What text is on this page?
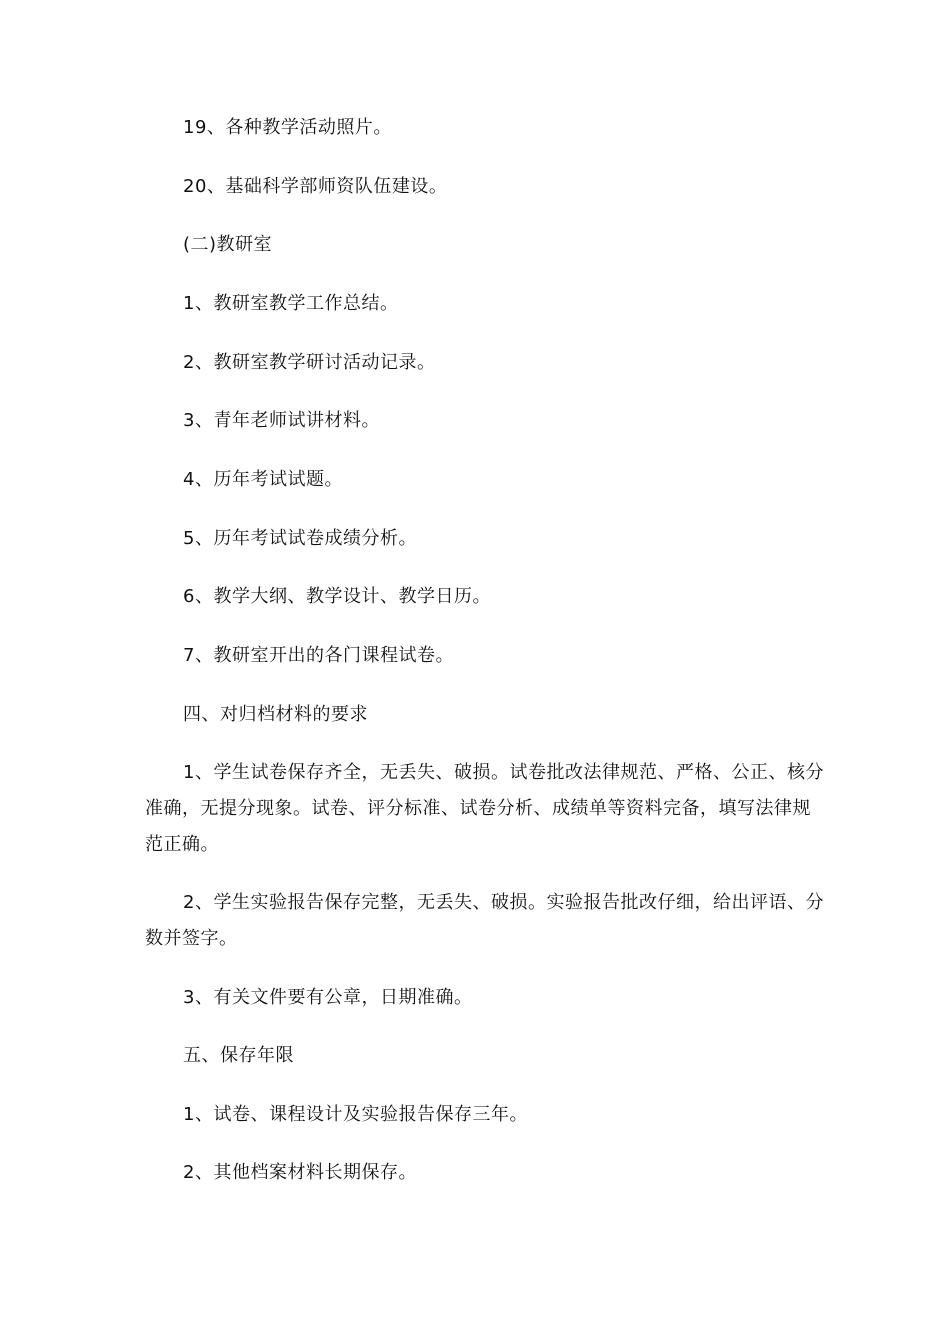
19、各种教学活动照片。
20、基础科学部师资队伍建设。
(二)教研室
1、教研室教学工作总结。
2、教研室教学研讨活动记录。
3、青年老师试讲材料。
4、历年考试试题。
5、历年考试试卷成绩分析。
6、教学大纲、教学设计、教学日历。
7、教研室开出的各门课程试卷。
四、对归档材料的要求

1、学生试卷保存齐全，无丢失、破损。试卷批改法律规范、严格、公正、核分准确，无提分现象。试卷、评分标准、试卷分析、成绩单等资料完备，填写法律规范正确。

2、学生实验报告保存完整，无丢失、破损。实验报告批改仔细，给出评语、分数并签字。

3、有关文件要有公章，日期准确。

五、保存年限
1、试卷、课程设计及实验报告保存三年。
2、其他档案材料长期保存。
